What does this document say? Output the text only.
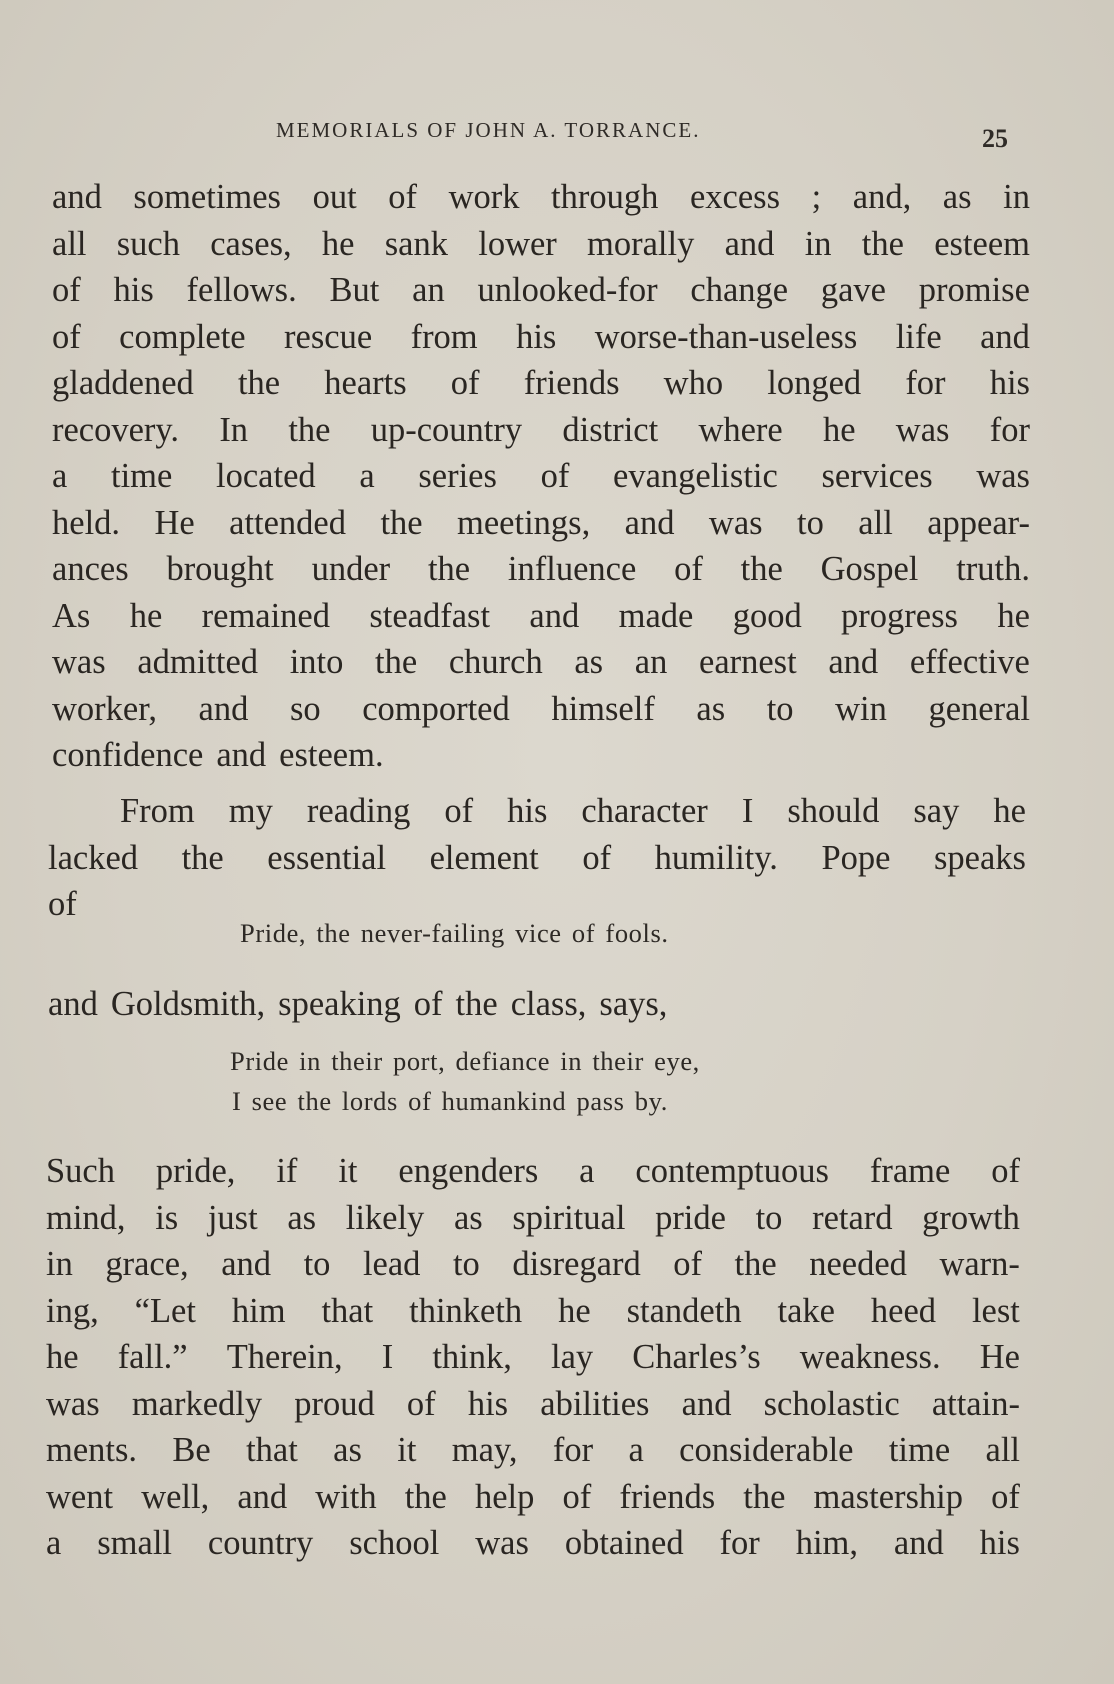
MEMORIALS OF JOHN A. TORRANCE.	25
and sometimes out of work through excess ; and, as in
all such cases, he sank lower morally and in the esteem
of his fellows. But an unlooked-for change gave promise
of complete rescue from his worse-than-useless life and
gladdened the hearts of friends who longed for his
recovery. In the up-country district where he was for
a time located a series of evangelistic services was
held. He attended the meetings, and was to all appear-
ances brought under the influence of the Gospel truth.
As he remained steadfast and made good progress he
was admitted into the church as an earnest and effective
worker, and so comported himself as to win general
confidence and esteem.
From my reading of his character I should say he
lacked the essential element of humility. Pope speaks
of
Pride, the never-failing vice of fools.
and Goldsmith, speaking of the class, says,
Pride in their port, defiance in their eye,
I see the lords of humankind pass by.
Such pride, if it engenders a contemptuous frame of
mind, is just as likely as spiritual pride to retard growth
in grace, and to lead to disregard of the needed warn-
ing, “Let him that thinketh he standeth take heed lest
he fall.” Therein, I think, lay Charles’s weakness. He
was markedly proud of his abilities and scholastic attain-
ments. Be that as it may, for a considerable time all
went well, and with the help of friends the mastership of
a small country school was obtained for him, and his
